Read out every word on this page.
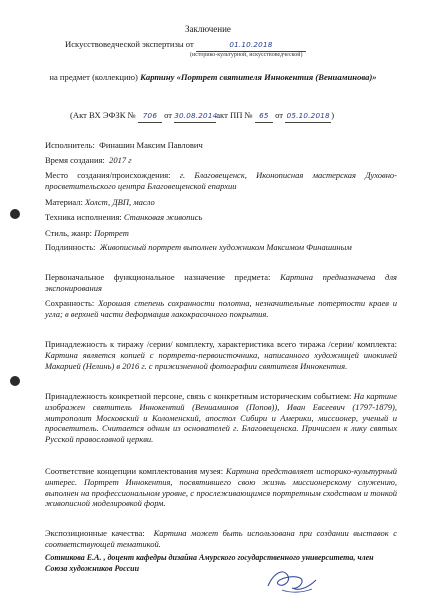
Заключение
Искусствоведческой экспертизы от	01.10.2018
(историко-культурной, искусствоведческой)
на предмет (коллекцию) Картину «Портрет святителя Иннокентия (Вениаминова)»
(Акт ВХ ЭФЗК № 706 от 30.08.2014акт ПП № 65 от 05.10.2018)
Исполнитель: Финашин Максим Павлович
Время создания: 2017 г
Место создания/происхождения: г. Благовещенск, Иконописная мастерская Духовно-просветительского центра Благовещенской епархии
Материал: Холст, ДВП, масло
Техника исполнения: Станковая живопись
Стиль, жанр: Портрет
Подлинность: Живописный портрет выполнен художником Максимом Финашиным
Первоначальное функциональное назначение предмета: Картина предназначена для экспонирования
Сохранность: Хорошая степень сохранности полотна, незначительные потертости краев и угла; в верхней части деформация лакокрасочного покрытия.
Принадлежность к тиражу /серии/ комплекту, характеристика всего тиража /серии/ комплекта: Картина является копией с портрета-первоисточника, написанного художницей инокиней Макарией (Нелинь) в 2016 г. с прижизненной фотографии святителя Иннокентия.
Принадлежность конкретной персоне, связь с конкретным историческим событием: На картине изображен святитель Иннокентий (Вениаминов (Попов)), Иван Евсеевич (1797-1879), митрополит Московский и Коломенский, апостол Сибири и Америки, миссионер, ученый и просветитель. Считается одним из основателей г. Благовещенска. Причислен к лику святых Русской православной церкви.
Соответствие концепции комплектования музея: Картина представляет историко-культурный интерес. Портрет Иннокентия, посвятившего свою жизнь миссионерскому служению, выполнен на профессиональном уровне, с прослеживающимся портретным сходством и тонкой живописной моделировкой форм.
Экспозиционные качества: Картина может быть использована при создании выставок с соответствующей тематикой.
Сотникова Е.А. , доцент кафедры дизайна Амурского государственного университета, член Союза художников России
